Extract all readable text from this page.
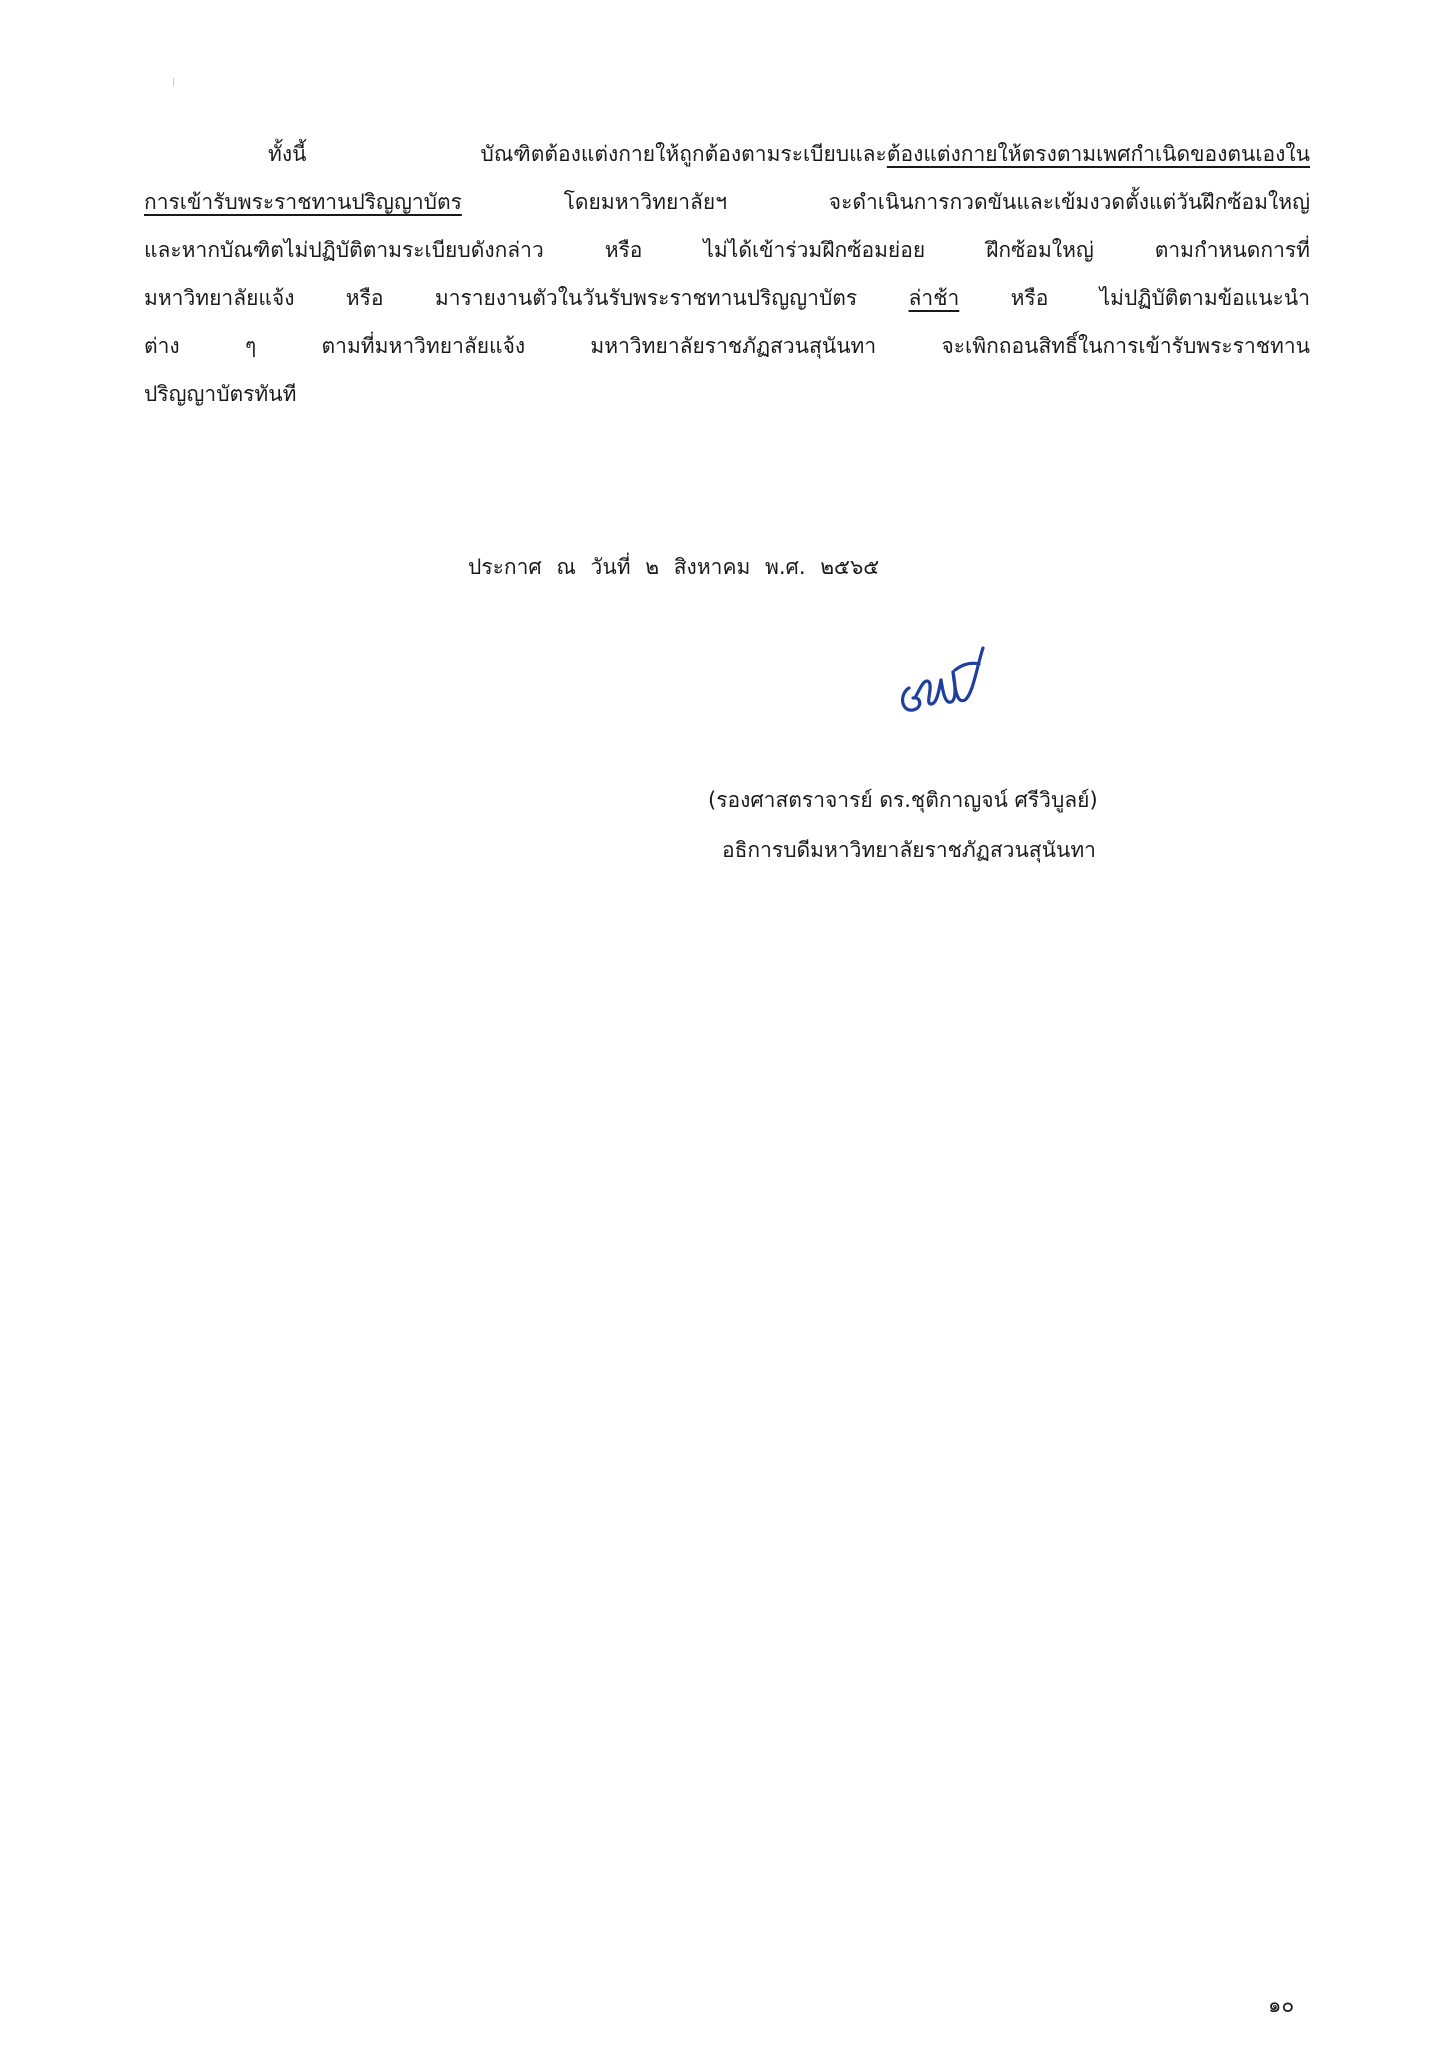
ทั้งนี้ บัณฑิตต้องแต่งกายให้ถูกต้องตามระเบียบและต้องแต่งกายให้ตรงตามเพศกำเนิดของตนเองใน
การเข้ารับพระราชทานปริญญาบัตร โดยมหาวิทยาลัยฯ จะดำเนินการกวดขันและเข้มงวดตั้งแต่วันฝึกซ้อมใหญ่
และหากบัณฑิตไม่ปฏิบัติตามระเบียบดังกล่าว หรือ ไม่ได้เข้าร่วมฝึกซ้อมย่อย ฝึกซ้อมใหญ่ ตามกำหนดการที่
มหาวิทยาลัยแจ้ง หรือ มารายงานตัวในวันรับพระราชทานปริญญาบัตร ล่าช้า หรือ ไม่ปฏิบัติตามข้อแนะนำ
ต่าง ๆ ตามที่มหาวิทยาลัยแจ้ง มหาวิทยาลัยราชภัฏสวนสุนันทา จะเพิกถอนสิทธิ์ในการเข้ารับพระราชทาน
ปริญญาบัตรทันที
ประกาศ ณ วันที่ ๒ สิงหาคม พ.ศ. ๒๕๖๕
(รองศาสตราจารย์ ดร.ชุติกาญจน์ ศรีวิบูลย์)
อธิการบดีมหาวิทยาลัยราชภัฏสวนสุนันทา
๑๐
